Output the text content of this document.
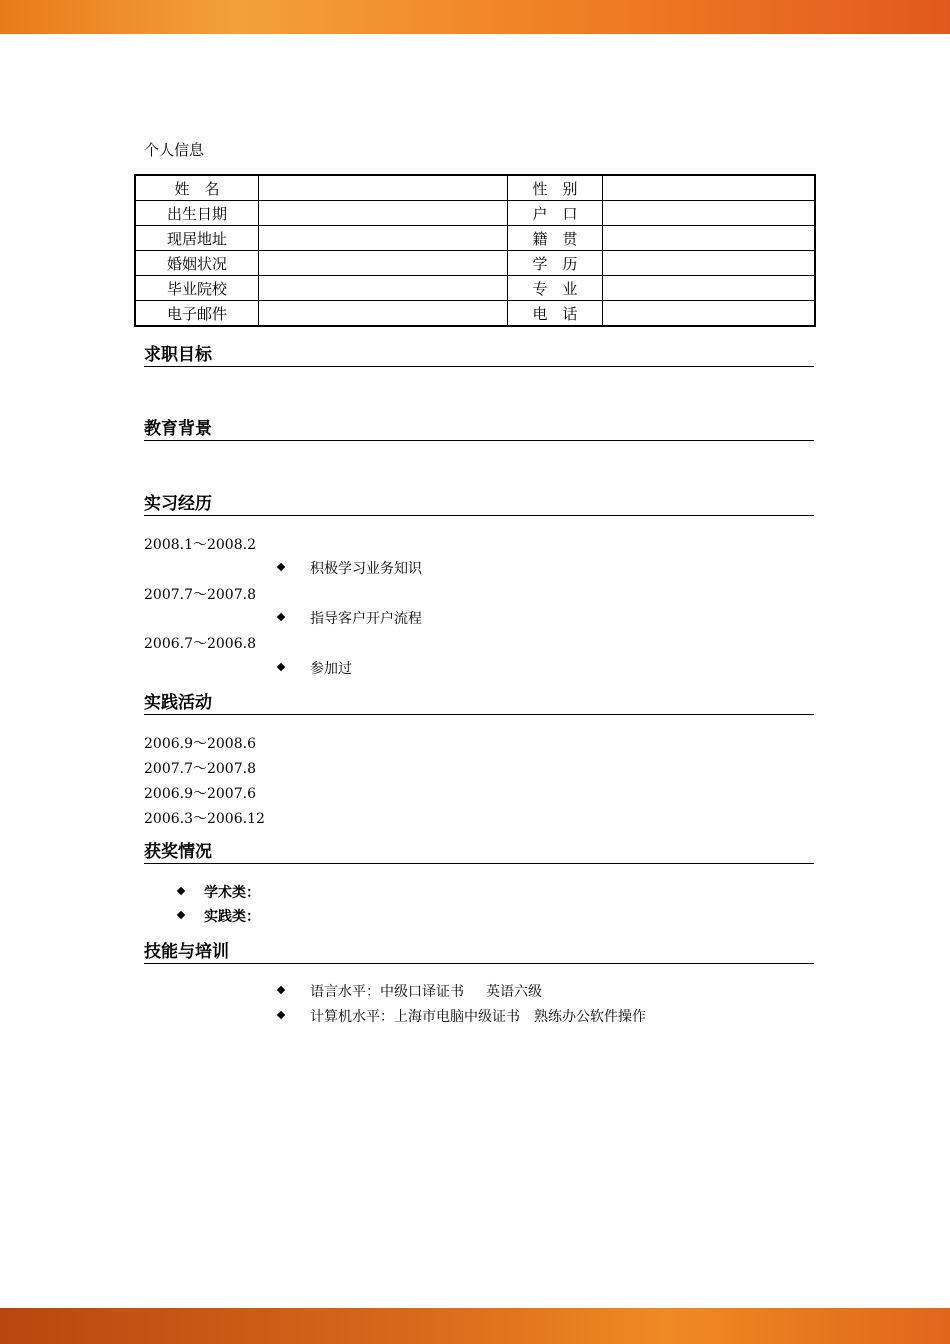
个人信息
姓　名		性　别	
出生日期		户　口	
现居地址		籍　贯	
婚姻状况		学　历	
毕业院校		专　业	
电子邮件		电　话	
求职目标
教育背景
实习经历
2008.1～2008.2
积极学习业务知识
2007.7～2007.8
指导客户开户流程
2006.7～2006.8
参加过
实践活动
2006.9～2008.6
2007.7～2007.8
2006.9～2007.6
2006.3～2006.12
获奖情况
学术类：
实践类：
技能与培训
语言水平：中级口译证书 英语六级
计算机水平：上海市电脑中级证书 熟练办公软件操作
